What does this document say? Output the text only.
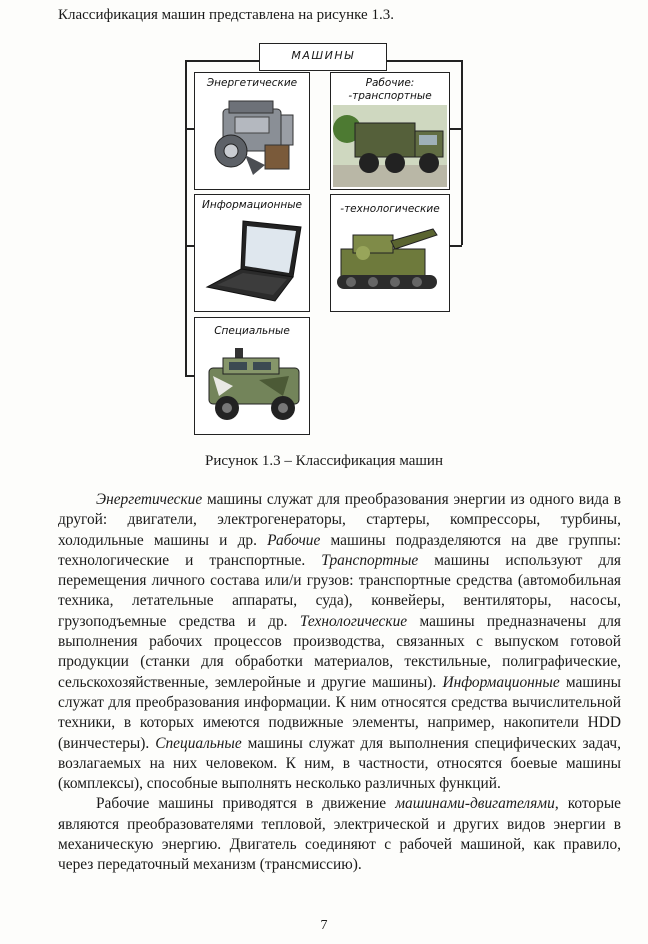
Классификация машин представлена на рисунке 1.3.

МАШИНЫ
Энергетические	Рабочие:
-транспортные
Информационные	-технологические
Специальные

Рисунок 1.3 – Классификация машин

Энергетические машины служат для преобразования энергии из одного вида в другой: двигатели, электрогенераторы, стартеры, компрессоры, турбины, холодильные машины и др. Рабочие машины подразделяются на две группы: технологические и транспортные. Транспортные машины используют для перемещения личного состава или/и грузов: транспортные средства (автомобильная техника, летательные аппараты, суда), конвейеры, вентиляторы, насосы, грузоподъемные средства и др. Технологические машины предназначены для выполнения рабочих процессов производства, связанных с выпуском готовой продукции (станки для обработки материалов, текстильные, полиграфические, сельскохозяйственные, землеройные и другие машины). Информационные машины служат для преобразования информации. К ним относятся средства вычислительной техники, в которых имеются подвижные элементы, например, накопители HDD (винчестеры). Специальные машины служат для выполнения специфических задач, возлагаемых на них человеком. К ним, в частности, относятся боевые машины (комплексы), способные выполнять несколько различных функций.

Рабочие машины приводятся в движение машинами-двигателями, которые являются преобразователями тепловой, электрической и других видов энергии в механическую энергию. Двигатель соединяют с рабочей машиной, как правило, через передаточный механизм (трансмиссию).

7
